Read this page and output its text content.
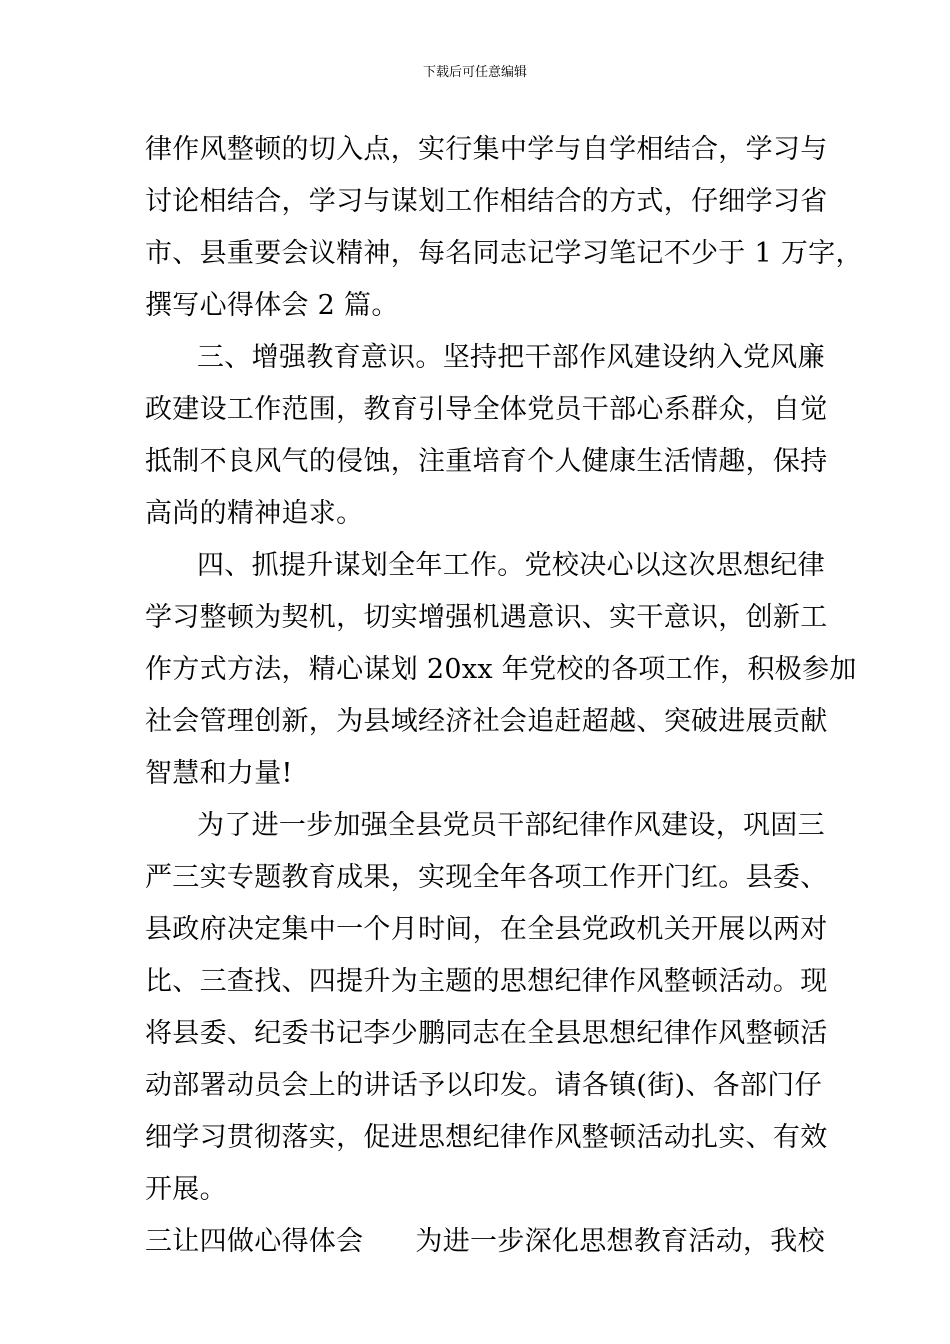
下载后可任意编辑
律作风整顿的切入点，实行集中学与自学相结合，学习与
讨论相结合，学习与谋划工作相结合的方式，仔细学习省
市、县重要会议精神，每名同志记学习笔记不少于 1 万字，
撰写心得体会 2 篇。
三、增强教育意识。坚持把干部作风建设纳入党风廉
政建设工作范围，教育引导全体党员干部心系群众，自觉
抵制不良风气的侵蚀，注重培育个人健康生活情趣，保持
高尚的精神追求。
四、抓提升谋划全年工作。党校决心以这次思想纪律
学习整顿为契机，切实增强机遇意识、实干意识，创新工
作方式方法，精心谋划 20xx 年党校的各项工作，积极参加
社会管理创新，为县域经济社会追赶超越、突破进展贡献
智慧和力量!
为了进一步加强全县党员干部纪律作风建设，巩固三
严三实专题教育成果，实现全年各项工作开门红。县委、
县政府决定集中一个月时间，在全县党政机关开展以两对
比、三查找、四提升为主题的思想纪律作风整顿活动。现
将县委、纪委书记李少鹏同志在全县思想纪律作风整顿活
动部署动员会上的讲话予以印发。请各镇(街)、各部门仔
细学习贯彻落实，促进思想纪律作风整顿活动扎实、有效
开展。
三让四做心得体会 为进一步深化思想教育活动，我校
